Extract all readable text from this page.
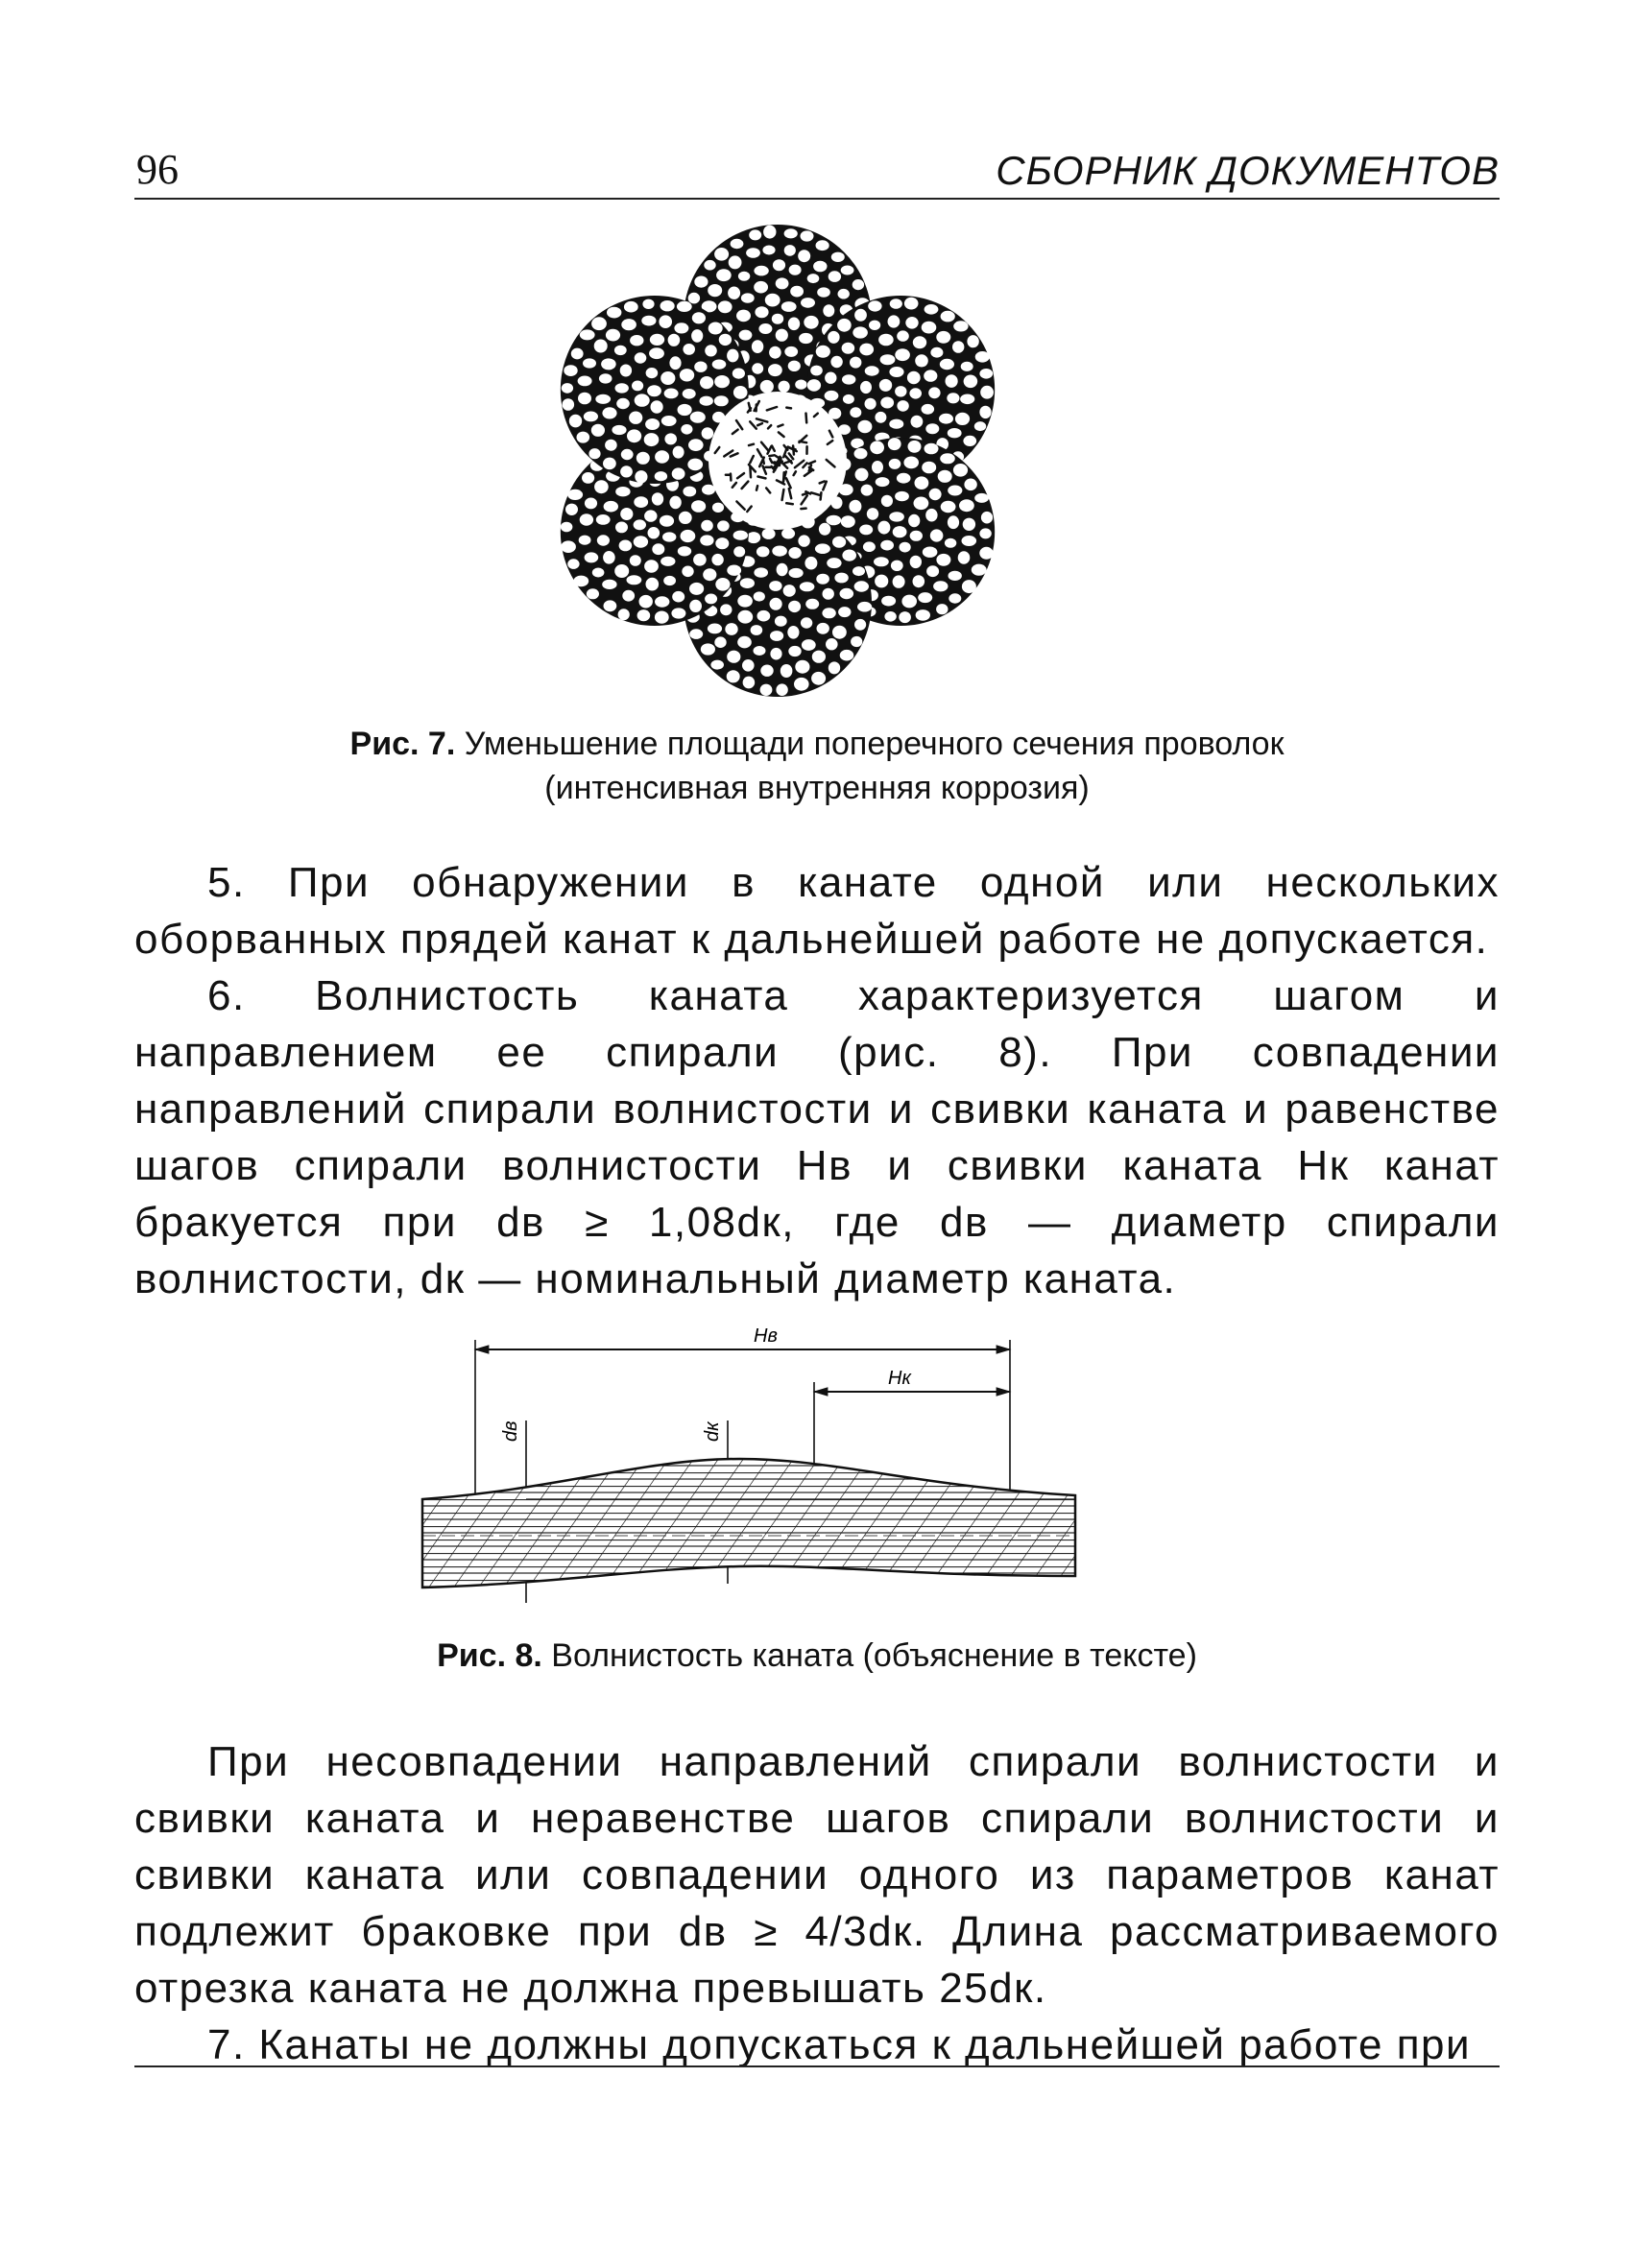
96	СБОРНИК ДОКУМЕНТОВ
Рис. 7. Уменьшение площади поперечного сечения проволок
(интенсивная внутренняя коррозия)

5. При обнаружении в канате одной или нескольких оборванных прядей канат к дальнейшей работе не допускается.

6. Волнистость каната характеризуется шагом и направлением ее спирали (рис. 8). При совпадении направлений спирали волнистости и свивки каната и равенстве шагов спирали волнистости Hв и свивки каната Hк канат бракуется при dв ≥ 1,08dк, где dв — диаметр спирали волнистости, dк — номинальный диаметр каната.

Hв
Hк
dв	dк
Рис. 8. Волнистость каната (объяснение в тексте)

При несовпадении направлений спирали волнистости и свивки каната и неравенстве шагов спирали волнистости и свивки каната или совпадении одного из параметров канат подлежит браковке при dв ≥ 4/3dк. Длина рассматриваемого отрезка каната не должна превышать 25dк.

7. Канаты не должны допускаться к дальнейшей работе при
